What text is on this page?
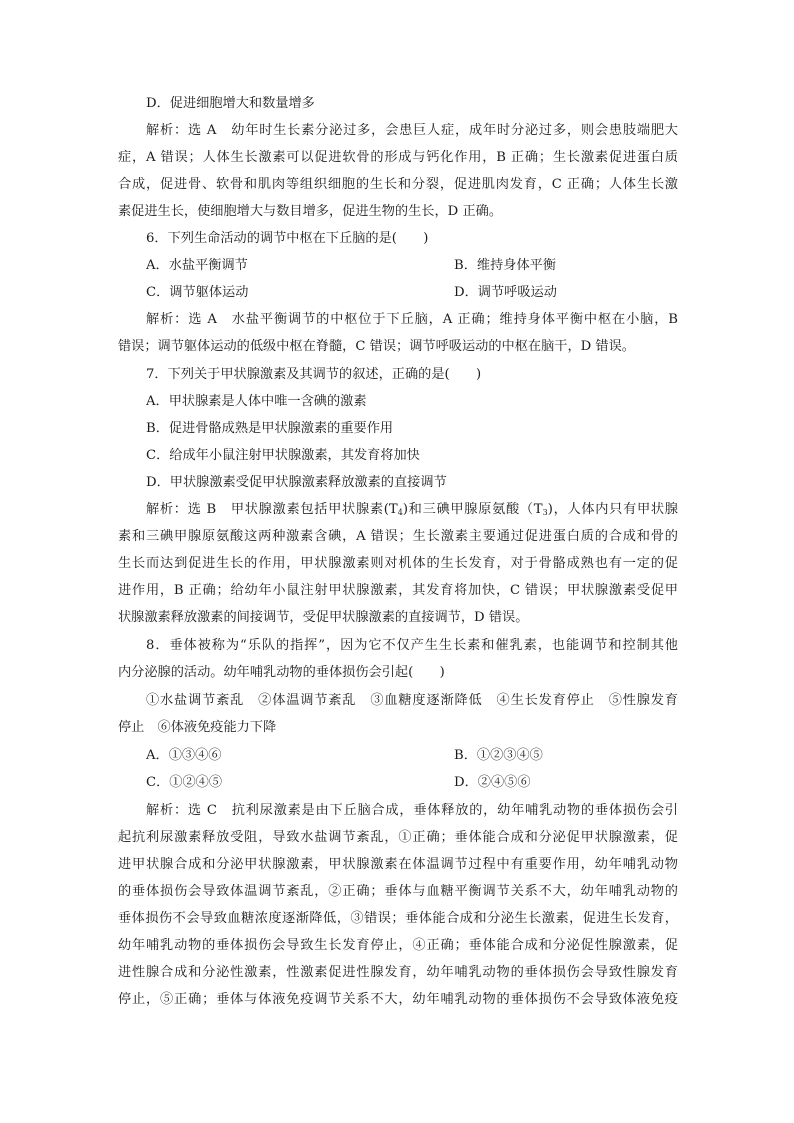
D．促进细胞增大和数量增多
解析：选 A　幼年时生长素分泌过多，会患巨人症，成年时分泌过多，则会患肢端肥大
症，A 错误；人体生长激素可以促进软骨的形成与钙化作用，B 正确；生长激素促进蛋白质
合成，促进骨、软骨和肌肉等组织细胞的生长和分裂，促进肌肉发育，C 正确；人体生长激
素促进生长，使细胞增大与数目增多，促进生物的生长，D 正确。
6．下列生命活动的调节中枢在下丘脑的是(　　)
A．水盐平衡调节	B．维持身体平衡
C．调节躯体运动	D．调节呼吸运动
解析：选 A　水盐平衡调节的中枢位于下丘脑，A 正确；维持身体平衡中枢在小脑，B
错误；调节躯体运动的低级中枢在脊髓，C 错误；调节呼吸运动的中枢在脑干，D 错误。
7．下列关于甲状腺激素及其调节的叙述，正确的是(　　)
A．甲状腺素是人体中唯一含碘的激素
B．促进骨骼成熟是甲状腺激素的重要作用
C．给成年小鼠注射甲状腺激素，其发育将加快
D．甲状腺激素受促甲状腺激素释放激素的直接调节
解析：选 B　甲状腺激素包括甲状腺素$(T_4)$和三碘甲腺原氨酸$(T_3)$，人体内只有甲状腺
素和三碘甲腺原氨酸这两种激素含碘，A 错误；生长激素主要通过促进蛋白质的合成和骨的
生长而达到促进生长的作用，甲状腺激素则对机体的生长发育，对于骨骼成熟也有一定的促
进作用，B 正确；给幼年小鼠注射甲状腺激素，其发育将加快，C 错误；甲状腺激素受促甲
状腺激素释放激素的间接调节，受促甲状腺激素的直接调节，D 错误。
8．垂体被称为“乐队的指挥”，因为它不仅产生生长素和催乳素，也能调节和控制其他
内分泌腺的活动。幼年哺乳动物的垂体损伤会引起(　　)
①水盐调节紊乱　②体温调节紊乱　③血糖度逐渐降低　④生长发育停止　⑤性腺发育
停止　⑥体液免疫能力下降
A．①③④⑥	B．①②③④⑤
C．①②④⑤	D．②④⑤⑥
解析：选 C　抗利尿激素是由下丘脑合成，垂体释放的，幼年哺乳动物的垂体损伤会引
起抗利尿激素释放受阻，导致水盐调节紊乱，①正确；垂体能合成和分泌促甲状腺激素，促
进甲状腺合成和分泌甲状腺激素，甲状腺激素在体温调节过程中有重要作用，幼年哺乳动物
的垂体损伤会导致体温调节紊乱，②正确；垂体与血糖平衡调节关系不大，幼年哺乳动物的
垂体损伤不会导致血糖浓度逐渐降低，③错误；垂体能合成和分泌生长激素，促进生长发育，
幼年哺乳动物的垂体损伤会导致生长发育停止，④正确；垂体能合成和分泌促性腺激素，促
进性腺合成和分泌性激素，性激素促进性腺发育，幼年哺乳动物的垂体损伤会导致性腺发育
停止，⑤正确；垂体与体液免疫调节关系不大，幼年哺乳动物的垂体损伤不会导致体液免疫
